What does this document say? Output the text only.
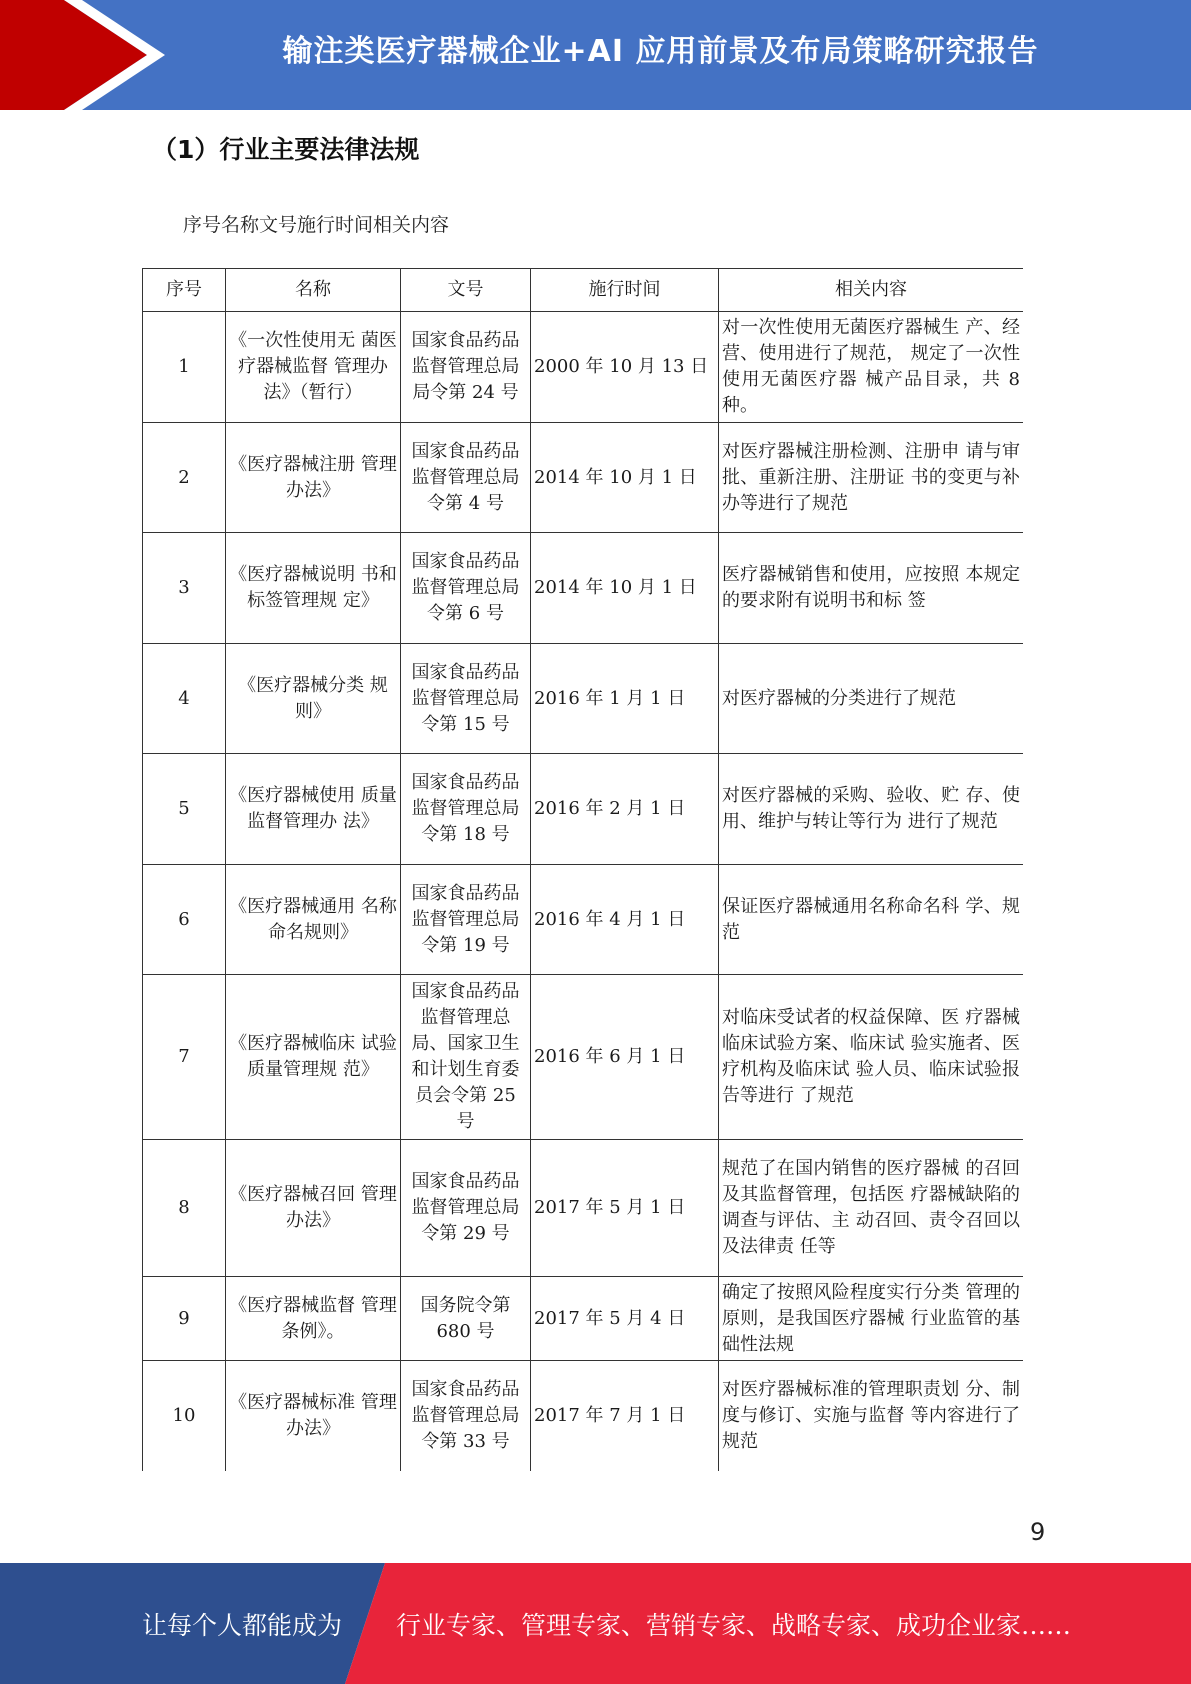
输注类医疗器械企业+AI 应用前景及布局策略研究报告
（1）行业主要法律法规
序号名称文号施行时间相关内容
序号	名称	文号	施行时间	相关内容
1	《一次性使用无 菌医疗器械监督 管理办法》（暂行）	国家食品药品监督管理总局局令第 24 号	2000 年 10 月 13 日	对一次性使用无菌医疗器械生 产、经营、使用进行了规范， 规定了一次性使用无菌医疗器 械产品目录，共 8 种。
2	《医疗器械注册 管理办法》	国家食品药品监督管理总局令第 4 号	2014 年 10 月 1 日	对医疗器械注册检测、注册申 请与审批、重新注册、注册证 书的变更与补办等进行了规范
3	《医疗器械说明 书和标签管理规 定》	国家食品药品监督管理总局令第 6 号	2014 年 10 月 1 日	医疗器械销售和使用，应按照 本规定的要求附有说明书和标 签
4	《医疗器械分类 规则》	国家食品药品监督管理总局令第 15 号	2016 年 1 月 1 日	对医疗器械的分类进行了规范
5	《医疗器械使用 质量监督管理办 法》	国家食品药品监督管理总局令第 18 号	2016 年 2 月 1 日	对医疗器械的采购、验收、贮 存、使用、维护与转让等行为 进行了规范
6	《医疗器械通用 名称命名规则》	国家食品药品监督管理总局令第 19 号	2016 年 4 月 1 日	保证医疗器械通用名称命名科 学、规范
7	《医疗器械临床 试验质量管理规 范》	国家食品药品监督管理总局、国家卫生和计划生育委员会令第 25 号	2016 年 6 月 1 日	对临床受试者的权益保障、医 疗器械临床试验方案、临床试 验实施者、医疗机构及临床试 验人员、临床试验报告等进行 了规范
8	《医疗器械召回 管理办法》	国家食品药品监督管理总局令第 29 号	2017 年 5 月 1 日	规范了在国内销售的医疗器械 的召回及其监督管理，包括医 疗器械缺陷的调查与评估、主 动召回、责令召回以及法律责 任等
9	《医疗器械监督 管理条例》。	国务院令第 680 号	2017 年 5 月 4 日	确定了按照风险程度实行分类 管理的原则，是我国医疗器械 行业监管的基础性法规
10	《医疗器械标准 管理办法》	国家食品药品监督管理总局令第 33 号	2017 年 7 月 1 日	对医疗器械标准的管理职责划 分、制度与修订、实施与监督 等内容进行了规范
9
让每个人都能成为 行业专家、管理专家、营销专家、战略专家、成功企业家……
